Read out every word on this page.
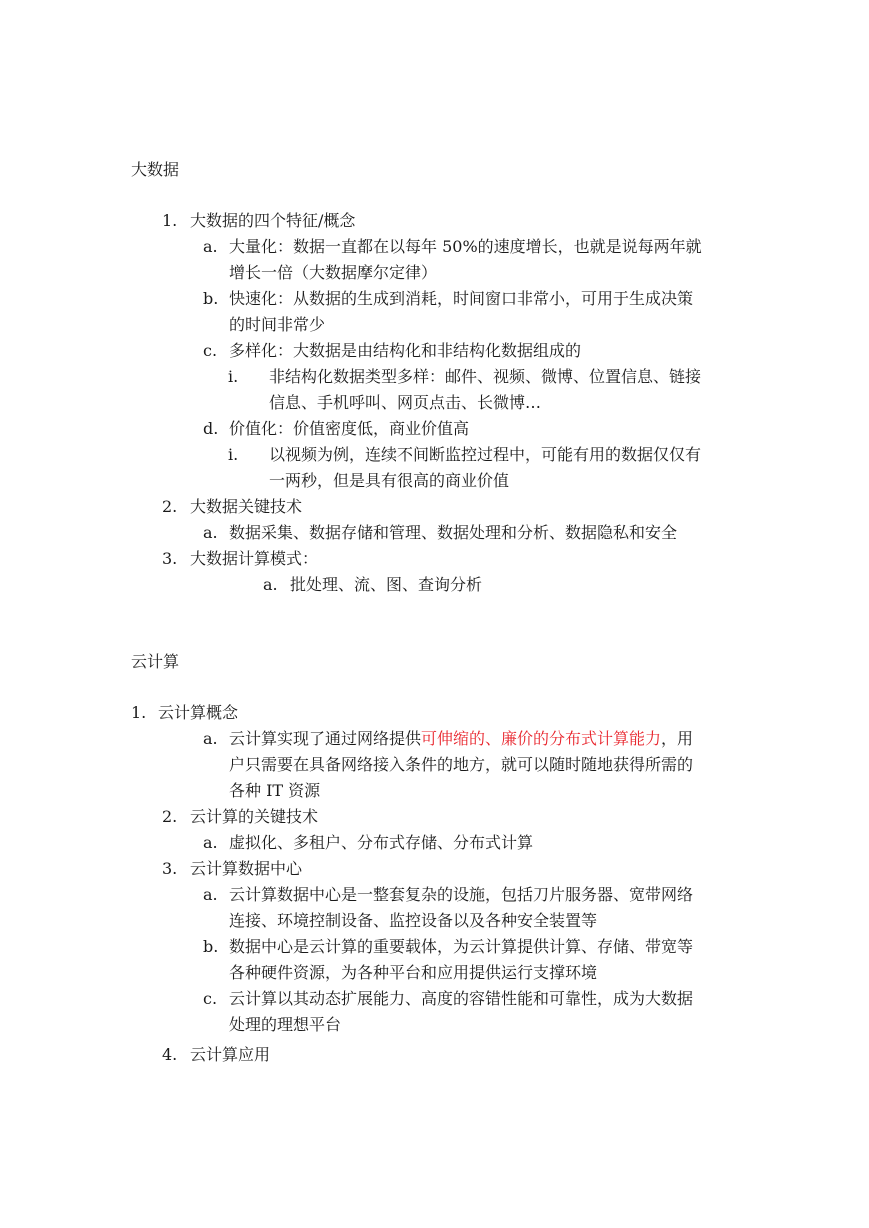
大数据
1. 大数据的四个特征/概念
a. 大量化：数据一直都在以每年 50%的速度增长，也就是说每两年就
增长一倍（大数据摩尔定律）
b. 快速化：从数据的生成到消耗，时间窗口非常小，可用于生成决策
的时间非常少
c. 多样化：大数据是由结构化和非结构化数据组成的
i.	非结构化数据类型多样：邮件、视频、微博、位置信息、链接
信息、手机呼叫、网页点击、长微博…
d. 价值化：价值密度低，商业价值高
i.	以视频为例，连续不间断监控过程中，可能有用的数据仅仅有
一两秒，但是具有很高的商业价值
2. 大数据关键技术
a. 数据采集、数据存储和管理、数据处理和分析、数据隐私和安全
3. 大数据计算模式：
a. 批处理、流、图、查询分析
云计算
1. 云计算概念
a. 云计算实现了通过网络提供可伸缩的、廉价的分布式计算能力，用
户只需要在具备网络接入条件的地方，就可以随时随地获得所需的
各种 IT 资源
2. 云计算的关键技术
a. 虚拟化、多租户、分布式存储、分布式计算
3. 云计算数据中心
a. 云计算数据中心是一整套复杂的设施，包括刀片服务器、宽带网络
连接、环境控制设备、监控设备以及各种安全装置等
b. 数据中心是云计算的重要载体，为云计算提供计算、存储、带宽等
各种硬件资源，为各种平台和应用提供运行支撑环境
c. 云计算以其动态扩展能力、高度的容错性能和可靠性，成为大数据
处理的理想平台
4. 云计算应用
